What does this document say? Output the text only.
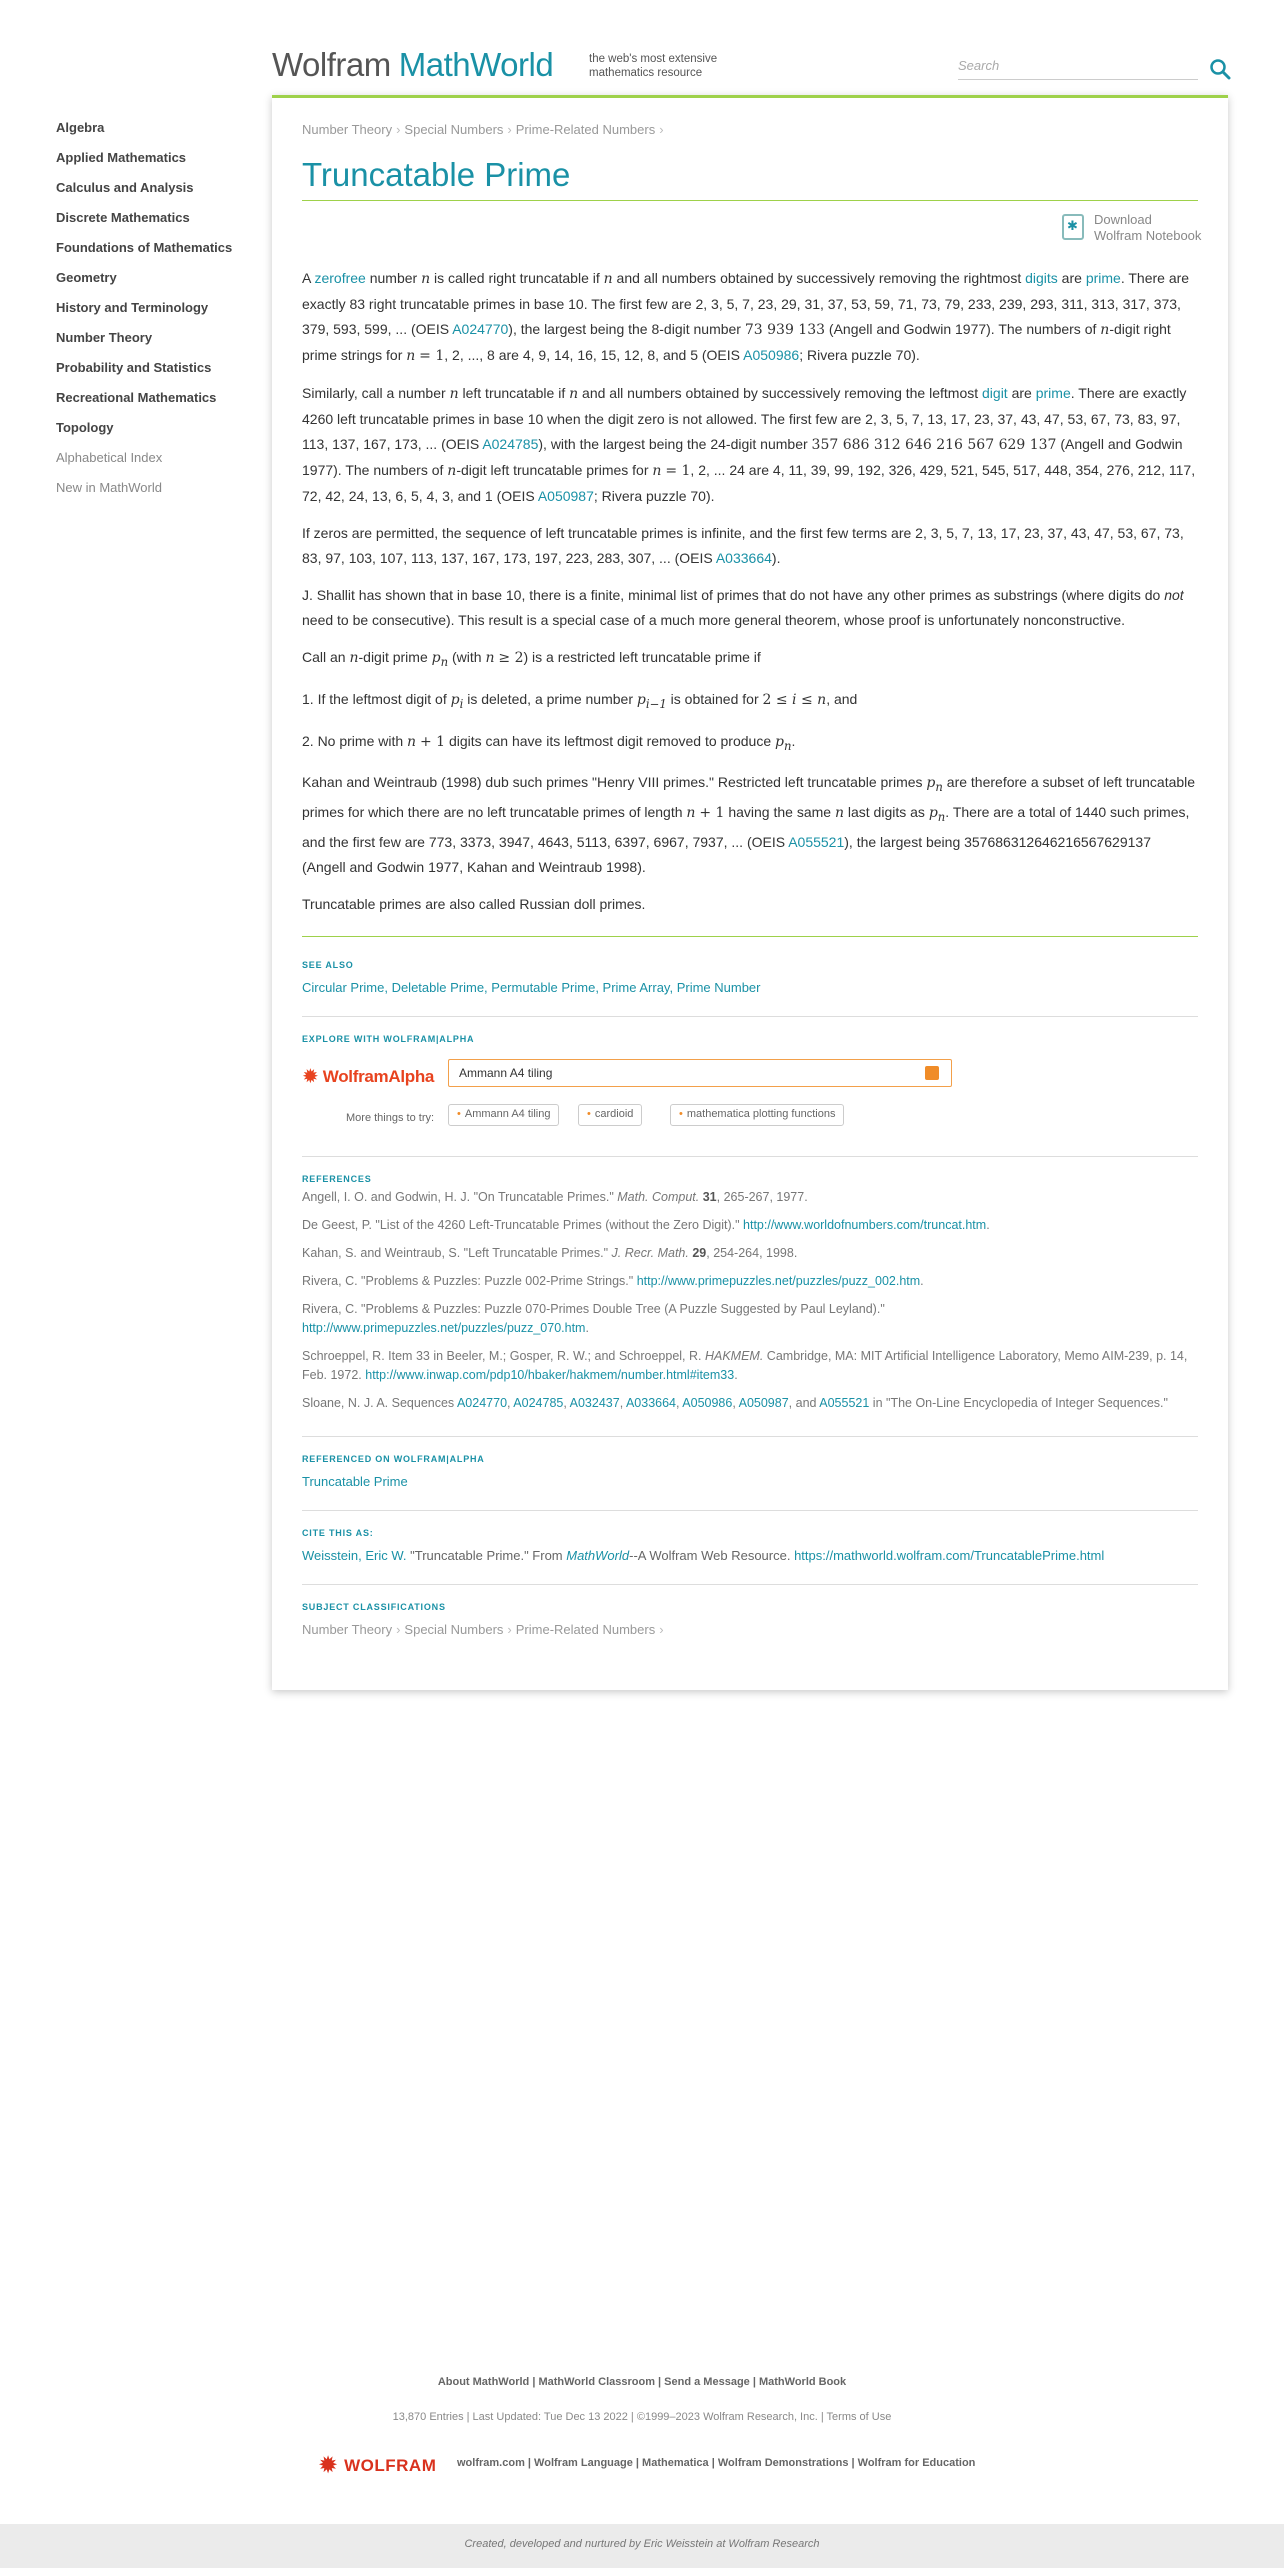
Wolfram MathWorld	the web's most extensive mathematics resource	Search
Algebra
Applied Mathematics
Calculus and Analysis
Discrete Mathematics
Foundations of Mathematics
Geometry
History and Terminology
Number Theory
Probability and Statistics
Recreational Mathematics
Topology
Alphabetical Index
New in MathWorld
Number Theory › Special Numbers › Prime-Related Numbers ›
Truncatable Prime
✱
Download
Wolfram Notebook

A zerofree number n is called right truncatable if n and all numbers obtained by successively removing the rightmost digits are prime. There are exactly 83 right truncatable primes in base 10. The first few are 2, 3, 5, 7, 23, 29, 31, 37, 53, 59, 71, 73, 79, 233, 239, 293, 311, 313, 317, 373, 379, 593, 599, ... (OEIS A024770), the largest being the 8-digit number 73 939 133 (Angell and Godwin 1977). The numbers of n-digit right prime strings for n = 1, 2, ..., 8 are 4, 9, 14, 16, 15, 12, 8, and 5 (OEIS A050986; Rivera puzzle 70).

Similarly, call a number n left truncatable if n and all numbers obtained by successively removing the leftmost digit are prime. There are exactly 4260 left truncatable primes in base 10 when the digit zero is not allowed. The first few are 2, 3, 5, 7, 13, 17, 23, 37, 43, 47, 53, 67, 73, 83, 97, 113, 137, 167, 173, ... (OEIS A024785), with the largest being the 24-digit number 357 686 312 646 216 567 629 137 (Angell and Godwin 1977). The numbers of n-digit left truncatable primes for n = 1, 2, ... 24 are 4, 11, 39, 99, 192, 326, 429, 521, 545, 517, 448, 354, 276, 212, 117, 72, 42, 24, 13, 6, 5, 4, 3, and 1 (OEIS A050987; Rivera puzzle 70).

If zeros are permitted, the sequence of left truncatable primes is infinite, and the first few terms are 2, 3, 5, 7, 13, 17, 23, 37, 43, 47, 53, 67, 73, 83, 97, 103, 107, 113, 137, 167, 173, 197, 223, 283, 307, ... (OEIS A033664).

J. Shallit has shown that in base 10, there is a finite, minimal list of primes that do not have any other primes as substrings (where digits do not need to be consecutive). This result is a special case of a much more general theorem, whose proof is unfortunately nonconstructive.

Call an n-digit prime $p_n$ (with n ≥ 2) is a restricted left truncatable prime if

1. If the leftmost digit of $p_i$ is deleted, a prime number $p_{i-1}$ is obtained for 2 ≤ i ≤ n, and

2. No prime with n + 1 digits can have its leftmost digit removed to produce $p_n$.

Kahan and Weintraub (1998) dub such primes "Henry VIII primes." Restricted left truncatable primes $p_n$ are therefore a subset of left truncatable primes for which there are no left truncatable primes of length n + 1 having the same n last digits as $p_n$. There are a total of 1440 such primes, and the first few are 773, 3373, 3947, 4643, 5113, 6397, 6967, 7937, ... (OEIS A055521), the largest being 357686312646216567629137 (Angell and Godwin 1977, Kahan and Weintraub 1998).

Truncatable primes are also called Russian doll primes.

SEE ALSO
Circular Prime, Deletable Prime, Permutable Prime, Prime Array, Prime Number
EXPLORE WITH WOLFRAM|ALPHA
✹ WolframAlpha	Ammann A4 tiling
More things to try:	• Ammann A4 tiling	• cardioid	• mathematica plotting functions
REFERENCES
Angell, I. O. and Godwin, H. J. "On Truncatable Primes." Math. Comput. 31, 265-267, 1977.
De Geest, P. "List of the 4260 Left-Truncatable Primes (without the Zero Digit)." http://www.worldofnumbers.com/truncat.htm.
Kahan, S. and Weintraub, S. "Left Truncatable Primes." J. Recr. Math. 29, 254-264, 1998.
Rivera, C. "Problems & Puzzles: Puzzle 002-Prime Strings." http://www.primepuzzles.net/puzzles/puzz_002.htm.
Rivera, C. "Problems & Puzzles: Puzzle 070-Primes Double Tree (A Puzzle Suggested by Paul Leyland)."
http://www.primepuzzles.net/puzzles/puzz_070.htm.
Schroeppel, R. Item 33 in Beeler, M.; Gosper, R. W.; and Schroeppel, R. HAKMEM. Cambridge, MA: MIT Artificial Intelligence Laboratory, Memo AIM-239, p. 14, Feb. 1972. http://www.inwap.com/pdp10/hbaker/hakmem/number.html#item33.
Sloane, N. J. A. Sequences A024770, A024785, A032437, A033664, A050986, A050987, and A055521 in "The On-Line Encyclopedia of Integer Sequences."
REFERENCED ON WOLFRAM|ALPHA
Truncatable Prime
CITE THIS AS:
Weisstein, Eric W. "Truncatable Prime." From MathWorld--A Wolfram Web Resource. https://mathworld.wolfram.com/TruncatablePrime.html
SUBJECT CLASSIFICATIONS
Number Theory › Special Numbers › Prime-Related Numbers ›
About MathWorld | MathWorld Classroom | Send a Message | MathWorld Book
13,870 Entries | Last Updated: Tue Dec 13 2022 | ©1999–2023 Wolfram Research, Inc. | Terms of Use
✹ WOLFRAM wolfram.com | Wolfram Language | Mathematica | Wolfram Demonstrations | Wolfram for Education
Created, developed and nurtured by Eric Weisstein at Wolfram Research
